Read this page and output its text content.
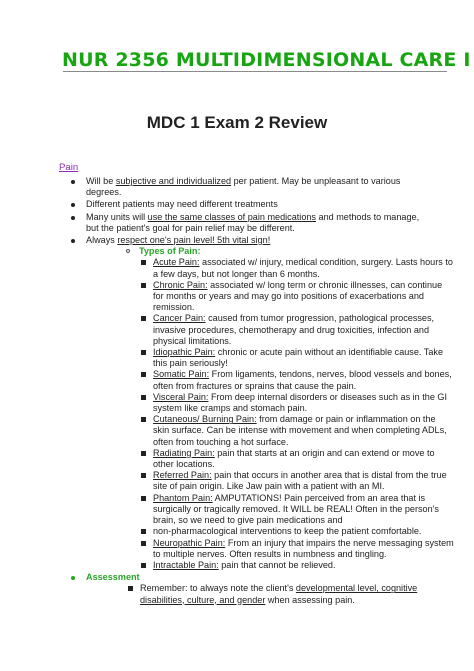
NUR 2356 MULTIDIMENSIONAL CARE I
MDC 1 Exam 2 Review
Pain
Will be subjective and individualized per patient. May be unpleasant to various degrees.
Different patients may need different treatments
Many units will use the same classes of pain medications and methods to manage, but the patient's goal for pain relief may be different.
Always respect one's pain level! 5th vital sign!
Types of Pain:
Acute Pain: associated w/ injury, medical condition, surgery. Lasts hours to a few days, but not longer than 6 months.
Chronic Pain: associated w/ long term or chronic illnesses, can continue for months or years and may go into positions of exacerbations and remission.
Cancer Pain: caused from tumor progression, pathological processes, invasive procedures, chemotherapy and drug toxicities, infection and physical limitations.
Idiopathic Pain: chronic or acute pain without an identifiable cause. Take this pain seriously!
Somatic Pain: From ligaments, tendons, nerves, blood vessels and bones, often from fractures or sprains that cause the pain.
Visceral Pain: From deep internal disorders or diseases such as in the GI system like cramps and stomach pain.
Cutaneous/ Burning Pain: from damage or pain or inflammation on the skin surface. Can be intense with movement and when completing ADLs, often from touching a hot surface.
Radiating Pain: pain that starts at an origin and can extend or move to other locations.
Referred Pain: pain that occurs in another area that is distal from the true site of pain origin. Like Jaw pain with a patient with an MI.
Phantom Pain: AMPUTATIONS! Pain perceived from an area that is surgically or tragically removed. It WILL be REAL! Often in the person's brain, so we need to give pain medications and
non-pharmacological interventions to keep the patient comfortable.
Neuropathic Pain: From an injury that impairs the nerve messaging system to multiple nerves. Often results in numbness and tingling.
Intractable Pain: pain that cannot be relieved.
Assessment
Remember: to always note the client's developmental level, cognitive disabilities, culture, and gender when assessing pain.
